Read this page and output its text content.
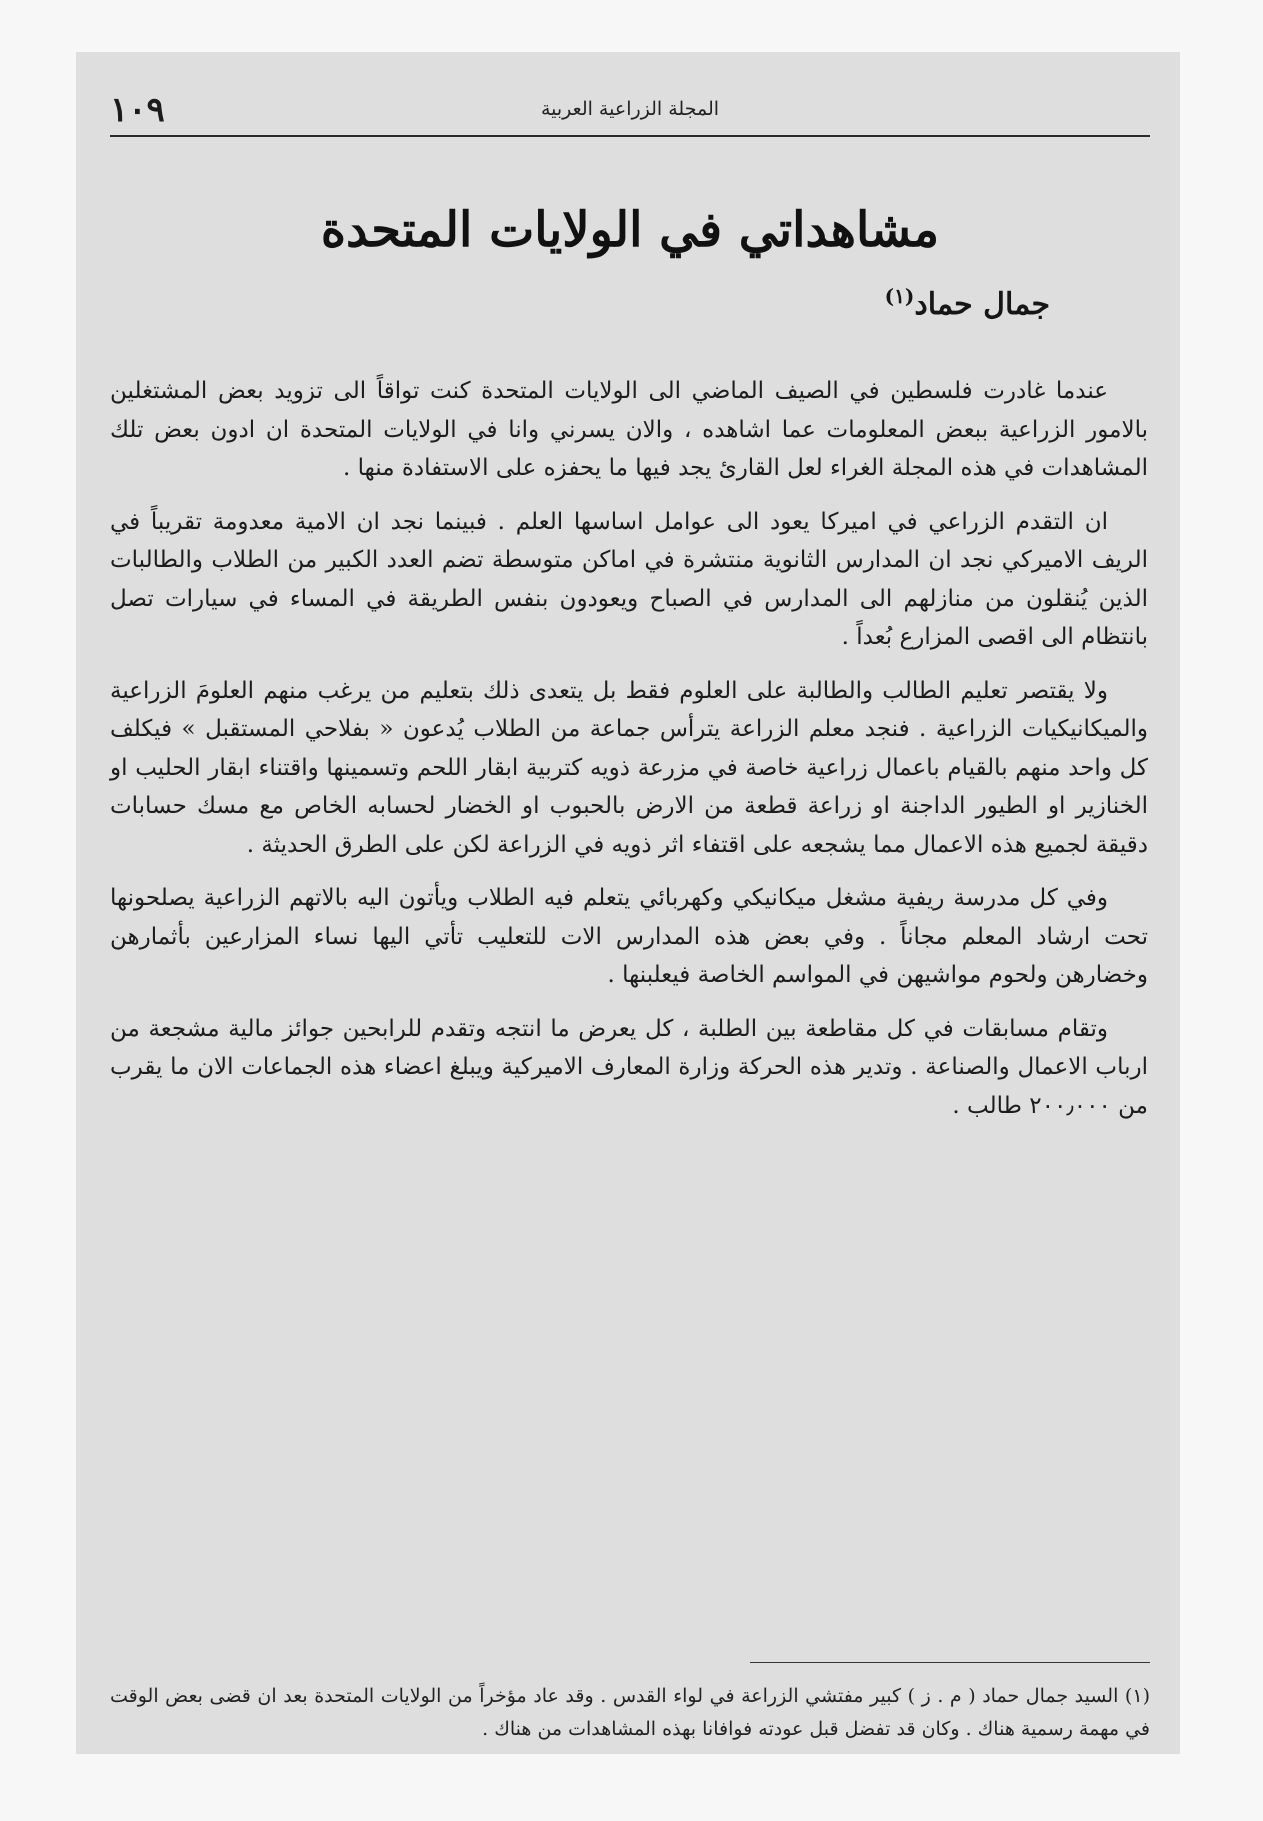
١٠٩	المجلة الزراعية العربية
مشاهداتي في الولايات المتحدة
جمال حماد$^{(١)}$

عندما غادرت فلسطين في الصيف الماضي الى الولايات المتحدة كنت تواقاً الى تزويد بعض المشتغلين بالامور الزراعية ببعض المعلومات عما اشاهده ، والان يسرني وانا في الولايات المتحدة ان ادون بعض تلك المشاهدات في هذه المجلة الغراء لعل القارئ يجد فيها ما يحفزه على الاستفادة منها .

ان التقدم الزراعي في اميركا يعود الى عوامل اساسها العلم . فبينما نجد ان الامية معدومة تقريباً في الريف الاميركي نجد ان المدارس الثانوية منتشرة في اماكن متوسطة تضم العدد الكبير من الطلاب والطالبات الذين يُنقلون من منازلهم الى المدارس في الصباح ويعودون بنفس الطريقة في المساء في سيارات تصل بانتظام الى اقصى المزارع بُعداً .

ولا يقتصر تعليم الطالب والطالبة على العلوم فقط بل يتعدى ذلك بتعليم من يرغب منهم العلومَ الزراعية والميكانيكيات الزراعية . فنجد معلم الزراعة يترأس جماعة من الطلاب يُدعون « بفلاحي المستقبل » فيكلف كل واحد منهم بالقيام باعمال زراعية خاصة في مزرعة ذويه كتربية ابقار اللحم وتسمينها واقتناء ابقار الحليب او الخنازير او الطيور الداجنة او زراعة قطعة من الارض بالحبوب او الخضار لحسابه الخاص مع مسك حسابات دقيقة لجميع هذه الاعمال مما يشجعه على اقتفاء اثر ذويه في الزراعة لكن على الطرق الحديثة .

وفي كل مدرسة ريفية مشغل ميكانيكي وكهربائي يتعلم فيه الطلاب ويأتون اليه بالاتهم الزراعية يصلحونها تحت ارشاد المعلم مجاناً . وفي بعض هذه المدارس الات للتعليب تأتي اليها نساء المزارعين بأثمارهن وخضارهن ولحوم مواشيهن في المواسم الخاصة فيعلبنها .

وتقام مسابقات في كل مقاطعة بين الطلبة ، كل يعرض ما انتجه وتقدم للرابحين جوائز مالية مشجعة من ارباب الاعمال والصناعة . وتدير هذه الحركة وزارة المعارف الاميركية ويبلغ اعضاء هذه الجماعات الان ما يقرب من ٢٠٠٫٠٠٠ طالب .

(١) السيد جمال حماد ( م . ز ) كبير مفتشي الزراعة في لواء القدس . وقد عاد مؤخراً من الولايات المتحدة بعد ان قضى بعض الوقت في مهمة رسمية هناك . وكان قد تفضل قبل عودته فوافانا بهذه المشاهدات من هناك .
